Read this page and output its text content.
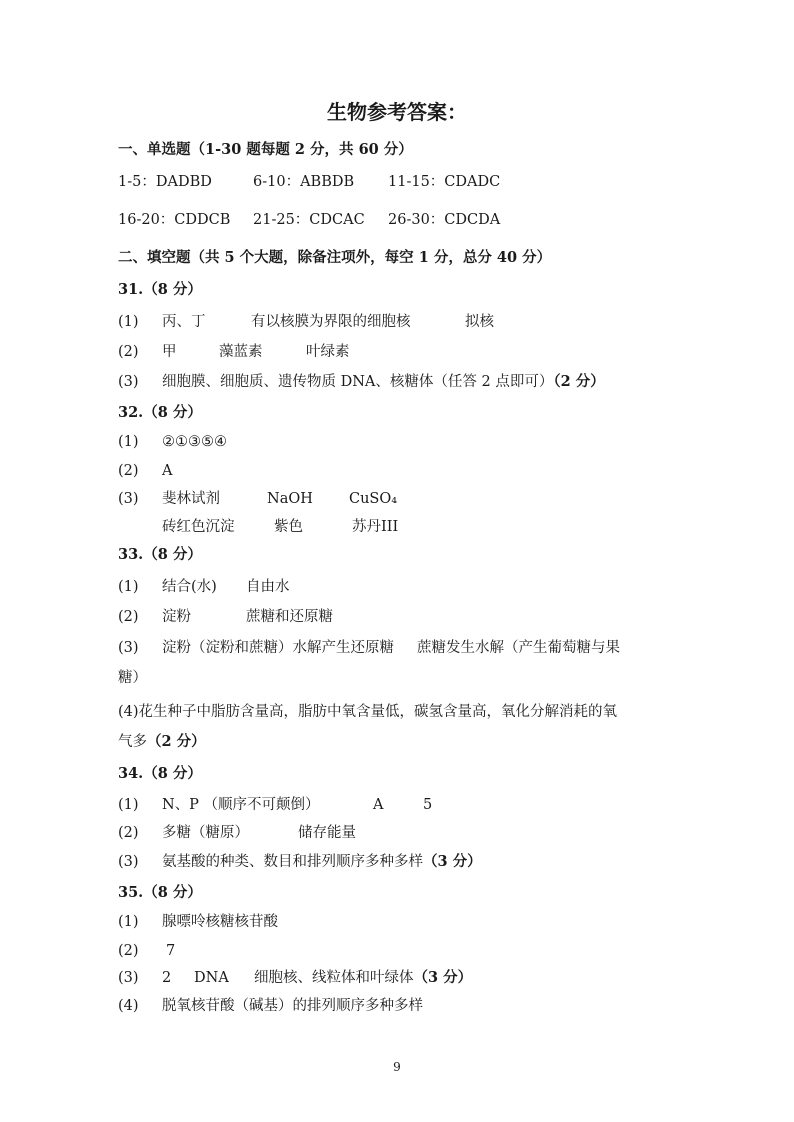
生物参考答案：
一、单选题（1-30 题每题 2 分，共 60 分）
1-5：DADBD	6-10：ABBDB 11-15：CDADC
16-20：CDDCB 21-25：CDCAC 26-30：CDCDA
二、填空题（共 5 个大题，除备注项外，每空 1 分，总分 40 分）
31.（8 分）
(1) 丙、丁	有以核膜为界限的细胞核	拟核
(2) 甲	藻蓝素	叶绿素
(3) 细胞膜、细胞质、遗传物质 DNA、核糖体（任答 2 点即可）（2 分）
32.（8 分）
(1) ②①③⑤④
(2) A
(3) 斐林试剂	NaOH CuSO₄
砖红色沉淀	紫色	苏丹III
33.（8 分）
(1) 结合(水) 自由水
(2) 淀粉	蔗糖和还原糖
(3) 淀粉（淀粉和蔗糖）水解产生还原糖 蔗糖发生水解（产生葡萄糖与果
糖）
(4)花生种子中脂肪含量高，脂肪中氧含量低，碳氢含量高，氧化分解消耗的氧
气多（2 分）
34.（8 分）
(1) N、P （顺序不可颠倒）	A	5
(2) 多糖（糖原）	储存能量
(3) 氨基酸的种类、数目和排列顺序多种多样（3 分）
35.（8 分）
(1) 腺嘌呤核糖核苷酸
(2) 7
(3) 2 DNA 细胞核、线粒体和叶绿体（3 分）
(4) 脱氧核苷酸（碱基）的排列顺序多种多样
9
